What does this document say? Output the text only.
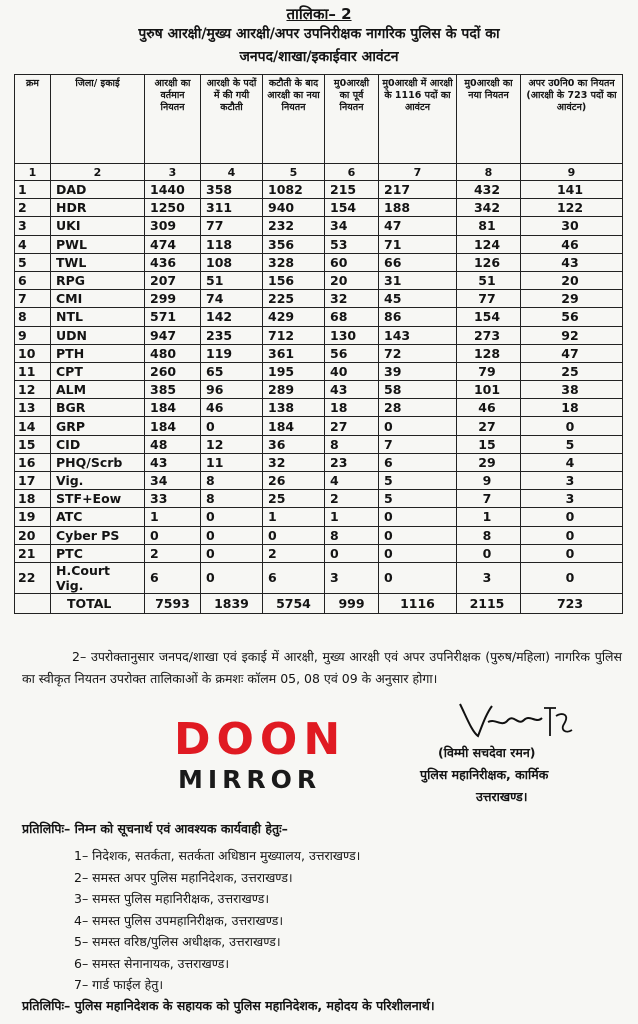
तालिका– 2
पुरुष आरक्षी/मुख्य आरक्षी/अपर उपनिरीक्षक नागरिक पुलिस के पदों का
जनपद/शाखा/इकाईवार आवंटन
क्रम	जिला/ इकाई	आरक्षी का वर्तमान नियतन	आरक्षी के पदों में की गयी कटौती	कटौती के बाद आरक्षी का नया नियतन	मु0आरक्षी का पूर्व नियतन	मु0आरक्षी में आरक्षी के 1116 पदों का आवंटन	मु0आरक्षी का नया नियतन	अपर उ0नि0 का नियतन (आरक्षी के 723 पदों का आवंटन)
1	2	3	4	5	6	7	8	9
1	DAD	1440	358	1082	215	217	432	141
2	HDR	1250	311	940	154	188	342	122
3	UKI	309	77	232	34	47	81	30
4	PWL	474	118	356	53	71	124	46
5	TWL	436	108	328	60	66	126	43
6	RPG	207	51	156	20	31	51	20
7	CMI	299	74	225	32	45	77	29
8	NTL	571	142	429	68	86	154	56
9	UDN	947	235	712	130	143	273	92
10	PTH	480	119	361	56	72	128	47
11	CPT	260	65	195	40	39	79	25
12	ALM	385	96	289	43	58	101	38
13	BGR	184	46	138	18	28	46	18
14	GRP	184	0	184	27	0	27	0
15	CID	48	12	36	8	7	15	5
16	PHQ/Scrb	43	11	32	23	6	29	4
17	Vig.	34	8	26	4	5	9	3
18	STF+Eow	33	8	25	2	5	7	3
19	ATC	1	0	1	1	0	1	0
20	Cyber PS	0	0	0	8	0	8	0
21	PTC	2	0	2	0	0	0	0
22	H.Court Vig.	6	0	6	3	0	3	0
	TOTAL	7593	1839	5754	999	1116	2115	723
2– उपरोक्तानुसार जनपद/शाखा एवं इकाई में आरक्षी, मुख्य आरक्षी एवं अपर उपनिरीक्षक (पुरुष/महिला) नागरिक पुलिस का स्वीकृत नियतन उपरोक्त तालिकाओं के क्रमशः कॉलम 05, 08 एवं 09 के अनुसार होगा।
DOON
MIRROR
(विम्मी सचदेवा रमन)
पुलिस महानिरीक्षक, कार्मिक
उत्तराखण्ड।
प्रतिलिपिः– निम्न को सूचनार्थ एवं आवश्यक कार्यवाही हेतुः–
1– निदेशक, सतर्कता, सतर्कता अधिष्ठान मुख्यालय, उत्तराखण्ड।
2– समस्त अपर पुलिस महानिदेशक, उत्तराखण्ड।
3– समस्त पुलिस महानिरीक्षक, उत्तराखण्ड।
4– समस्त पुलिस उपमहानिरीक्षक, उत्तराखण्ड।
5– समस्त वरिष्ठ/पुलिस अधीक्षक, उत्तराखण्ड।
6– समस्त सेनानायक, उत्तराखण्ड।
7– गार्ड फाईल हेतु।
प्रतिलिपिः– पुलिस महानिदेशक के सहायक को पुलिस महानिदेशक, महोदय के परिशीलनार्थ।
